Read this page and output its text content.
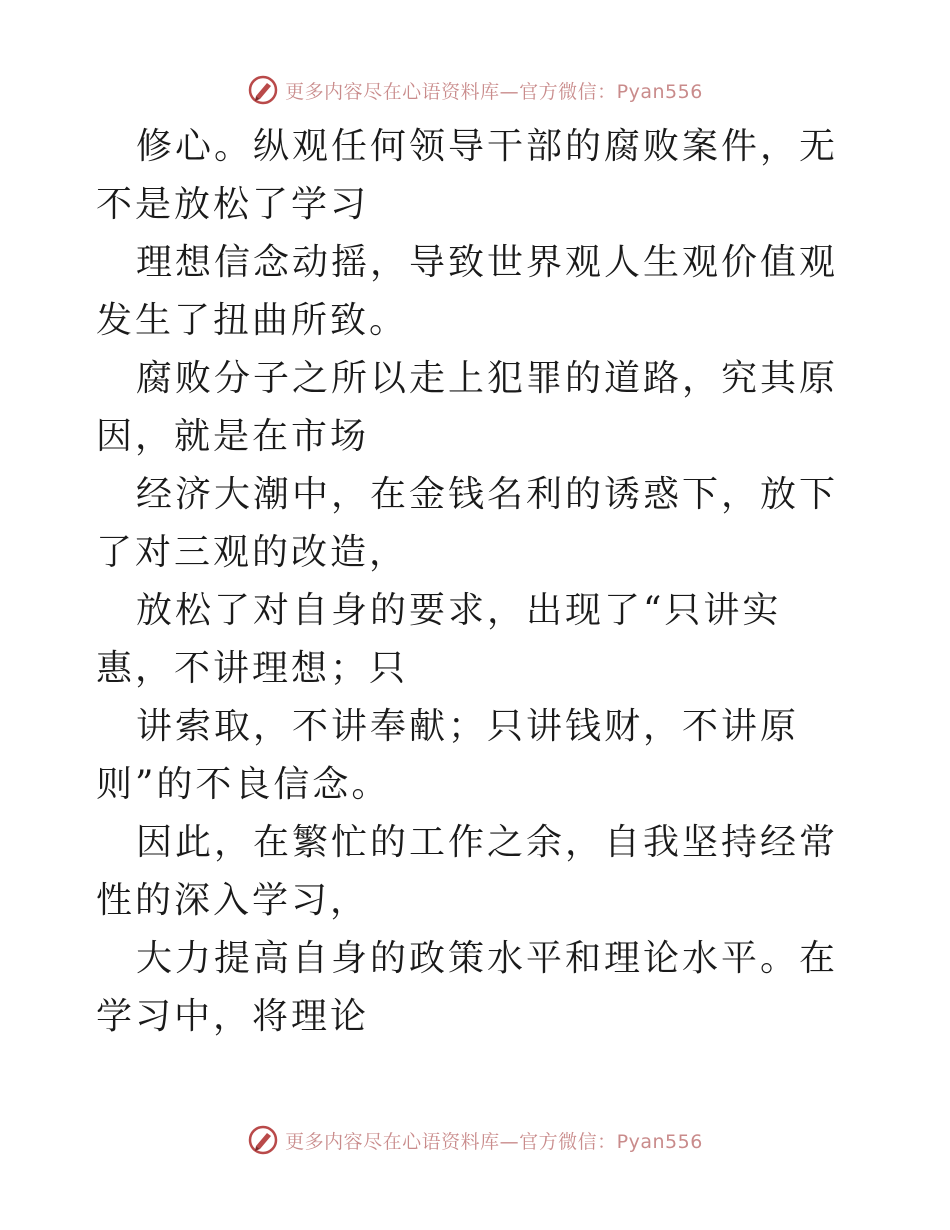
更多内容尽在心语资料库—官方微信：Pyan556

修心。纵观任何领导干部的腐败案件，无不是放松了学习

理想信念动摇，导致世界观人生观价值观发生了扭曲所致。

腐败分子之所以走上犯罪的道路，究其原因，就是在市场

经济大潮中，在金钱名利的诱惑下，放下了对三观的改造，

放松了对自身的要求，出现了“只讲实惠，不讲理想；只

讲索取，不讲奉献；只讲钱财，不讲原则”的不良信念。

因此，在繁忙的工作之余，自我坚持经常性的深入学习，

大力提高自身的政策水平和理论水平。在学习中，将理论

更多内容尽在心语资料库—官方微信：Pyan556
